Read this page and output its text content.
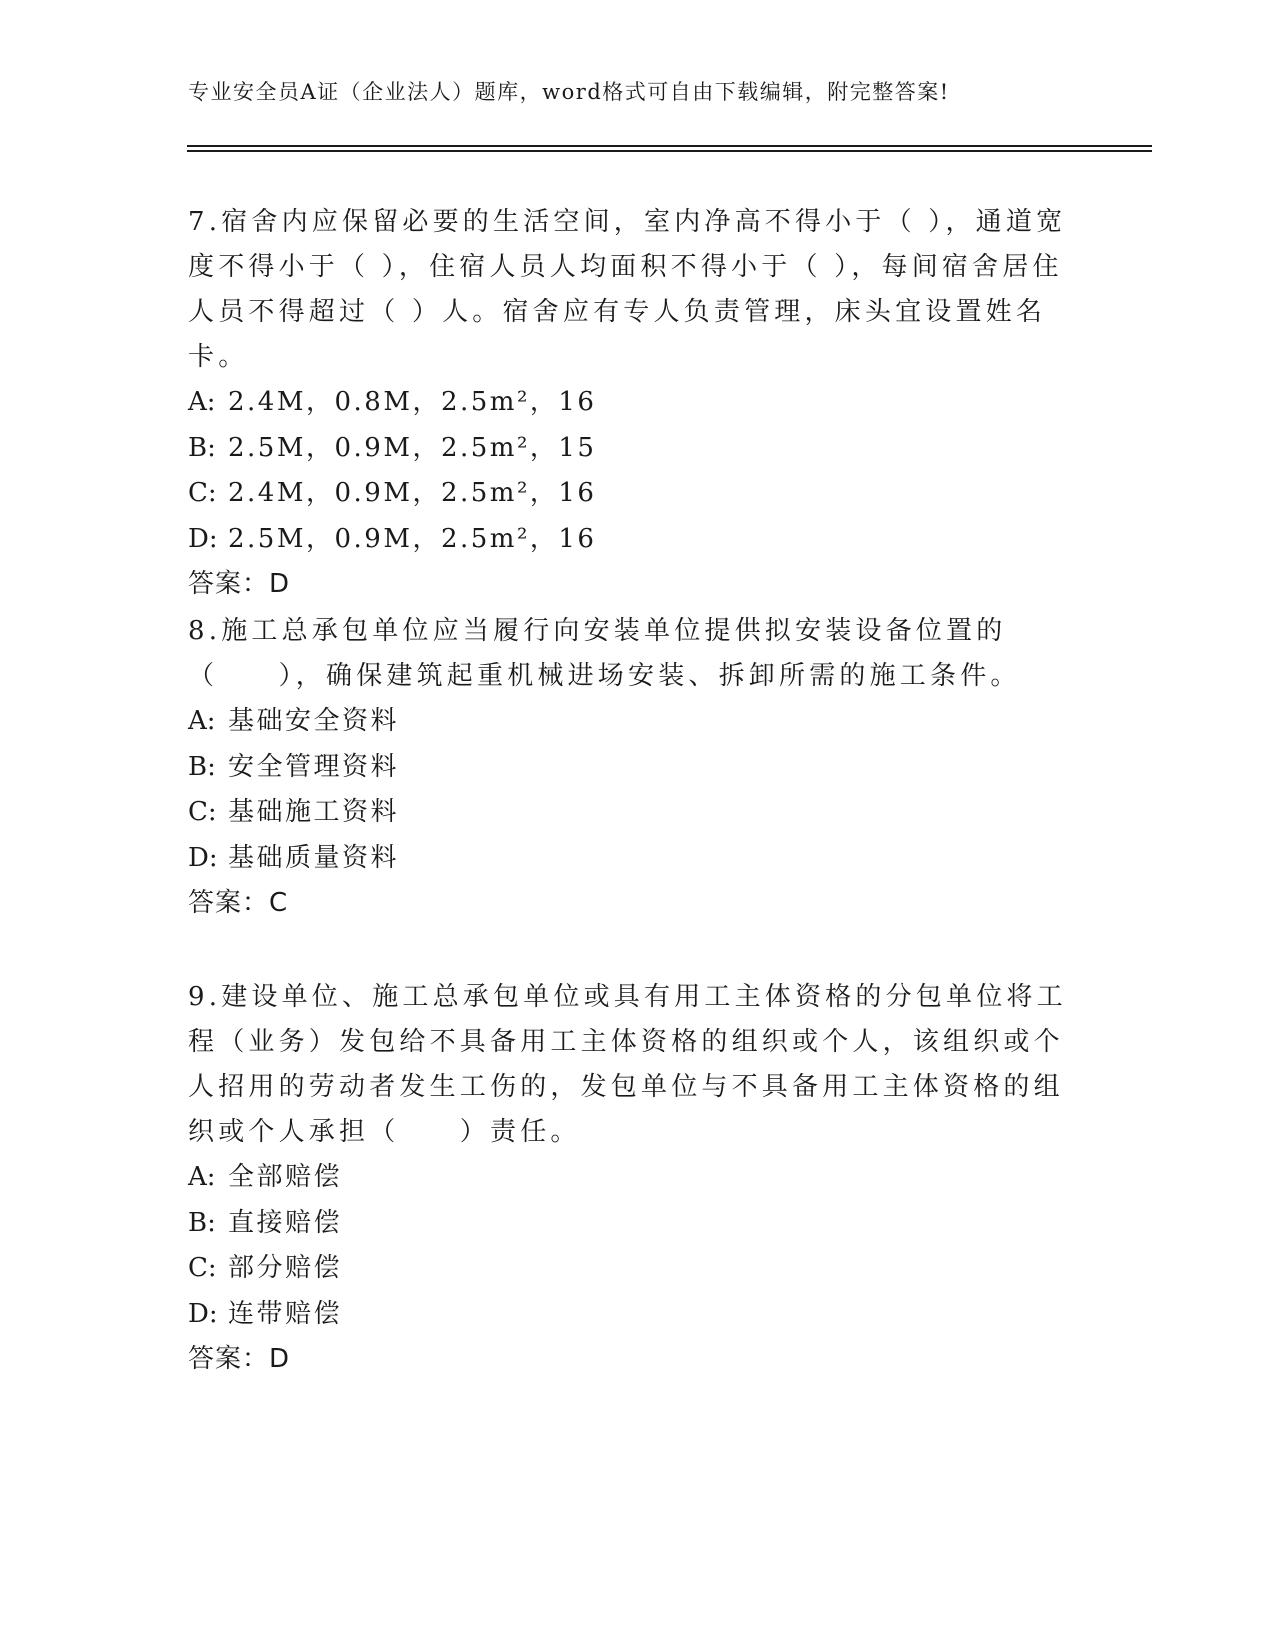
专业安全员A证（企业法人）题库，word格式可自由下载编辑，附完整答案!

7.宿舍内应保留必要的生活空间，室内净高不得小于（ ），通道宽度不得小于（ ），住宿人员人均面积不得小于（ ），每间宿舍居住人员不得超过（ ）人。宿舍应有专人负责管理，床头宜设置姓名卡。

A: 2.4M，0.8M，2.5m²，16
B: 2.5M，0.9M，2.5m²，15
C: 2.4M，0.9M，2.5m²，16
D: 2.5M，0.9M，2.5m²，16
答案：D

8.施工总承包单位应当履行向安装单位提供拟安装设备位置的（　　），确保建筑起重机械进场安装、拆卸所需的施工条件。

A: 基础安全资料
B: 安全管理资料
C: 基础施工资料
D: 基础质量资料
答案：C

9.建设单位、施工总承包单位或具有用工主体资格的分包单位将工程（业务）发包给不具备用工主体资格的组织或个人，该组织或个人招用的劳动者发生工伤的，发包单位与不具备用工主体资格的组织或个人承担（　　）责任。

A: 全部赔偿
B: 直接赔偿
C: 部分赔偿
D: 连带赔偿
答案：D
